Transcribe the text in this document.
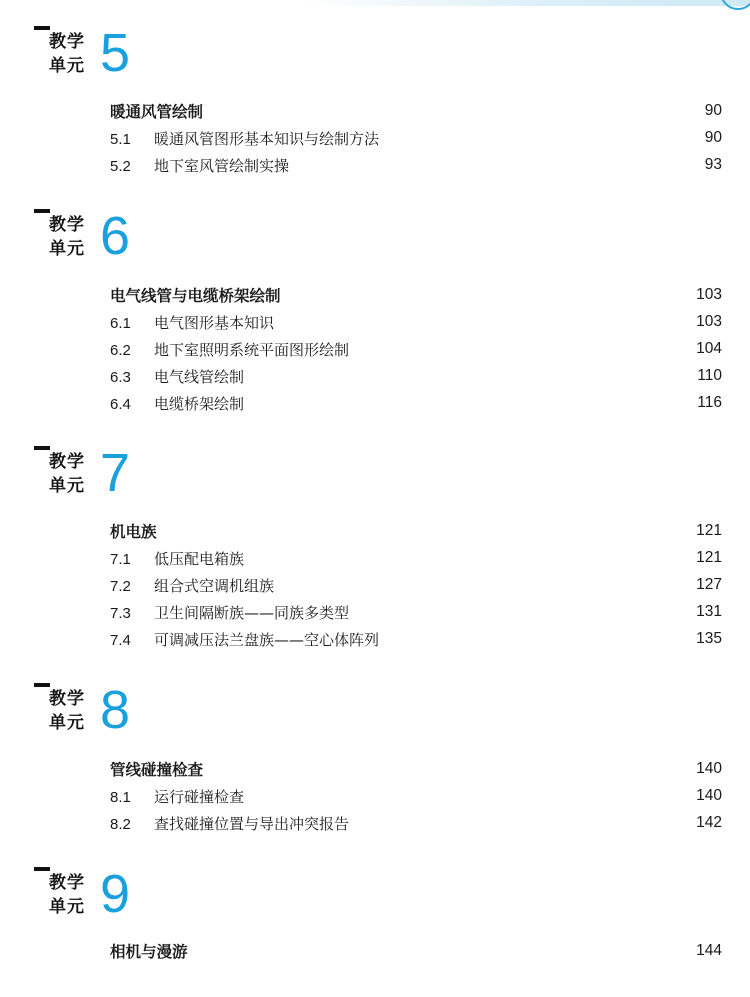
教学单元 5
暖通风管绘制	90
5.1 暖通风管图形基本知识与绘制方法	90
5.2 地下室风管绘制实操	93
教学单元 6
电气线管与电缆桥架绘制	103
6.1 电气图形基本知识	103
6.2 地下室照明系统平面图形绘制	104
6.3 电气线管绘制	110
6.4 电缆桥架绘制	116
教学单元 7
机电族	121
7.1 低压配电箱族	121
7.2 组合式空调机组族	127
7.3 卫生间隔断族——同族多类型	131
7.4 可调减压法兰盘族——空心体阵列	135
教学单元 8
管线碰撞检查	140
8.1 运行碰撞检查	140
8.2 查找碰撞位置与导出冲突报告	142
教学单元 9
相机与漫游	144
